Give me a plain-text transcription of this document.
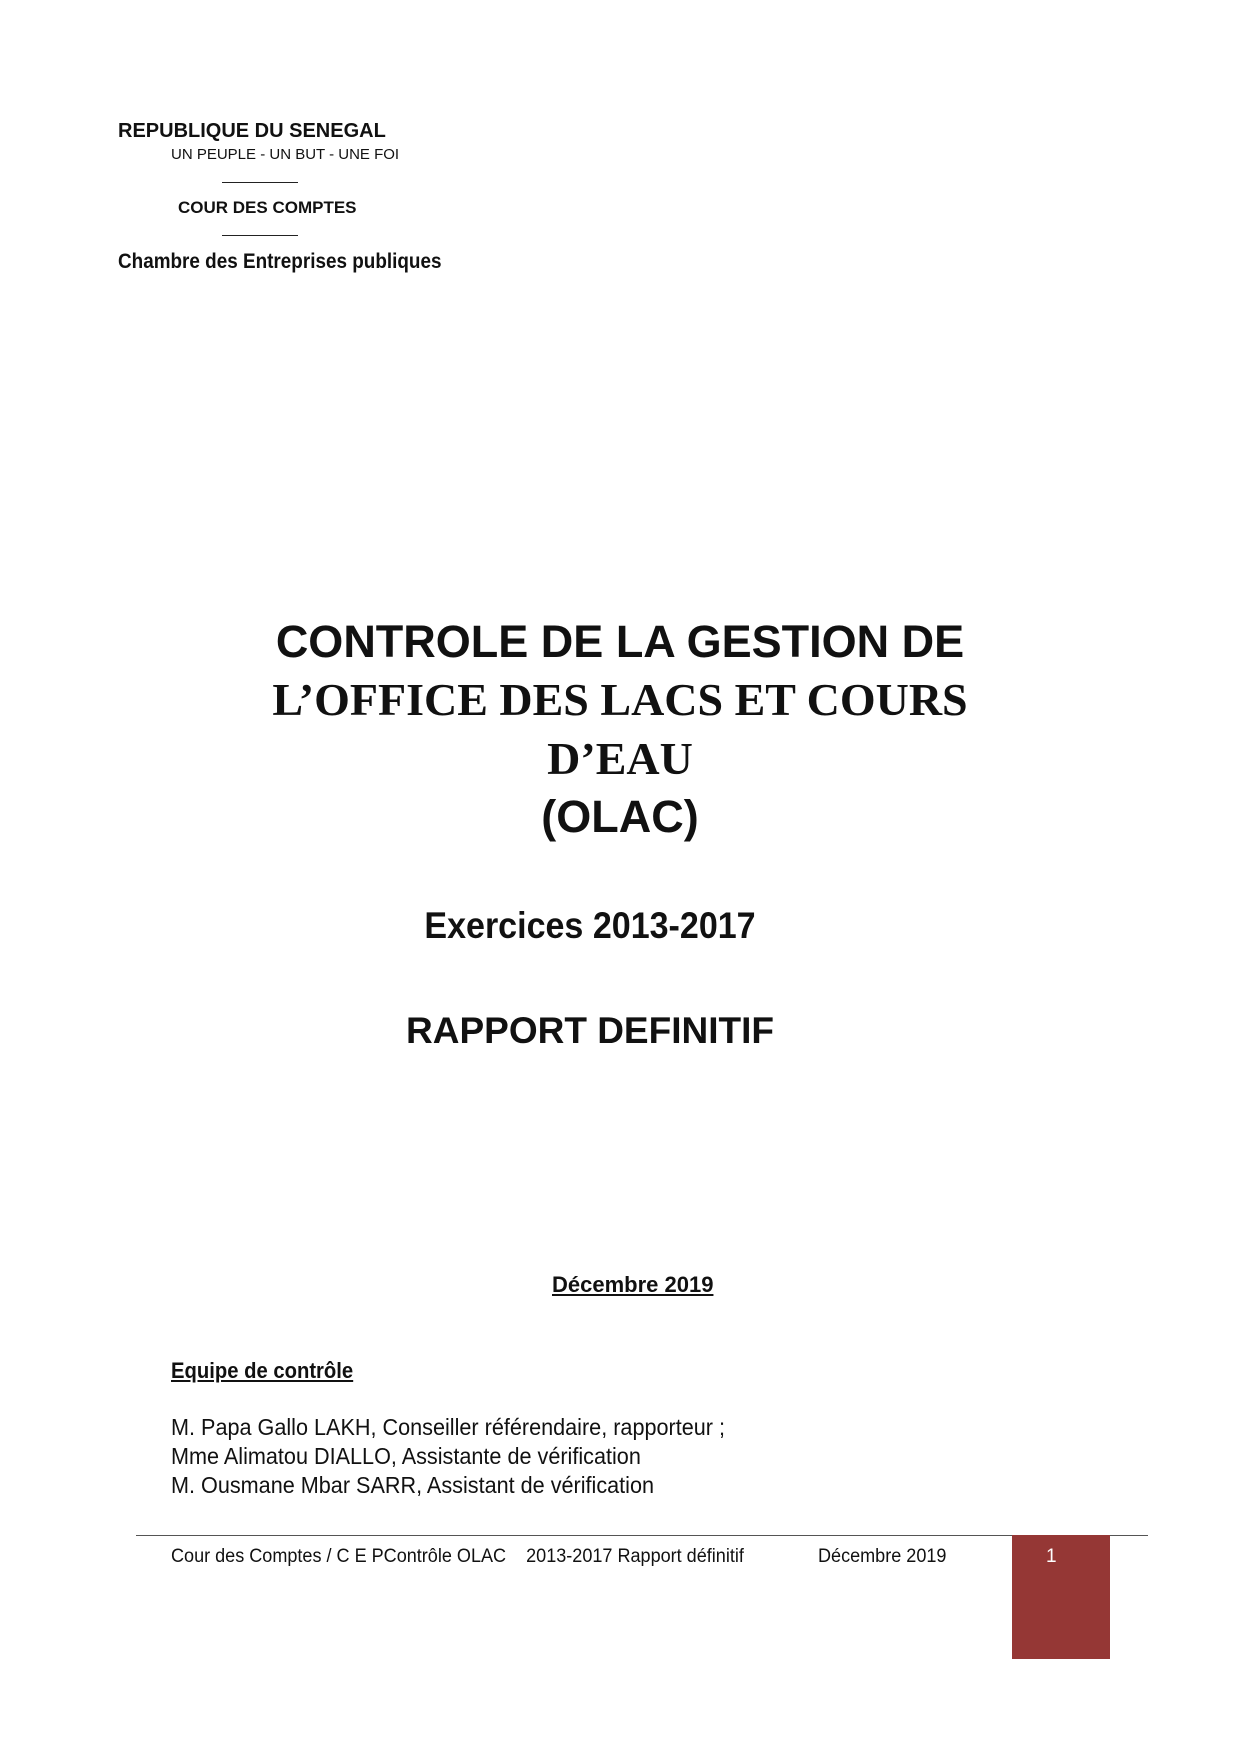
REPUBLIQUE DU SENEGAL
UN PEUPLE - UN BUT - UNE FOI
COUR DES COMPTES
Chambre des Entreprises publiques
CONTROLE DE LA GESTION DE
L’OFFICE DES LACS ET COURS
D’EAU
(OLAC)
Exercices 2013-2017
RAPPORT DEFINITIF
Décembre 2019
Equipe de contrôle
M. Papa Gallo LAKH, Conseiller référendaire, rapporteur ;
Mme Alimatou DIALLO, Assistante de vérification
M. Ousmane Mbar SARR, Assistant de vérification
Cour des Comptes / C E PContrôle OLAC    2013-2017 Rapport définitif	Décembre 2019	1
